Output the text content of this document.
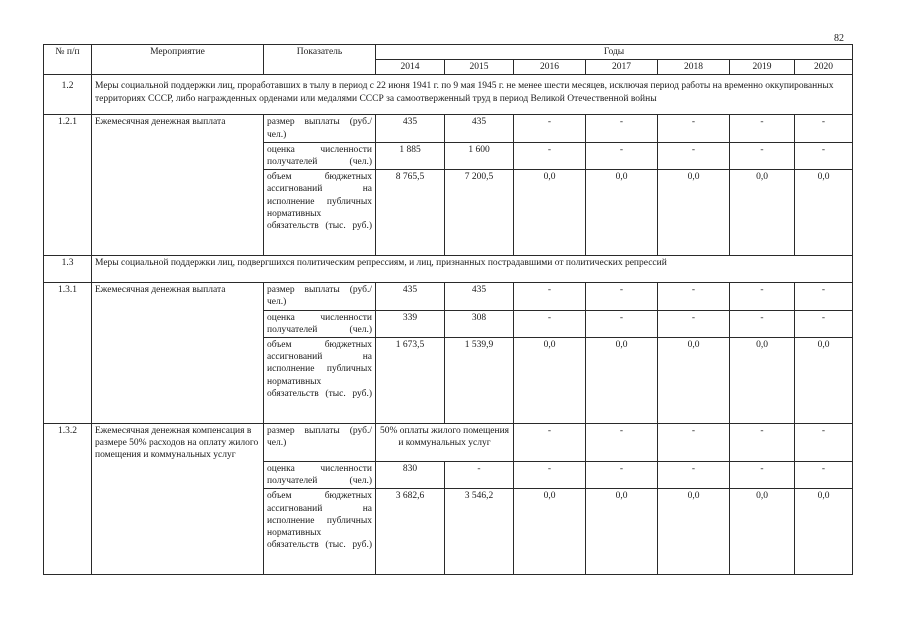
82
№ п/п	Мероприятие	Показатель	Годы						
			2014	2015	2016	2017	2018	2019	2020
1.2	Меры социальной поддержки лиц, проработавших в тылу в период с 22 июня 1941 г. по 9 мая 1945 г. не менее шести месяцев, исключая период работы на временно оккупированных территориях СССР, либо награжденных орденами или медалями СССР за самоотверженный труд в период Великой Отечественной войны								
1.2.1	Ежемесячная денежная выплата	размер выплаты (руб./ чел.)	435	435	-	-	-	-	-
		оценка численности получателей (чел.)	1 885	1 600	-	-	-	-	-
		объем бюджетных ассигнований на исполнение публичных нормативных обязательств (тыс. руб.)	8 765,5	7 200,5	0,0	0,0	0,0	0,0	0,0
1.3	Меры социальной поддержки лиц, подвергшихся политическим репрессиям, и лиц, признанных пострадавшими от политических репрессий								
1.3.1	Ежемесячная денежная выплата	размер выплаты (руб./ чел.)	435	435	-	-	-	-	-
		оценка численности получателей (чел.)	339	308	-	-	-	-	-
		объем бюджетных ассигнований на исполнение публичных нормативных обязательств (тыс. руб.)	1 673,5	1 539,9	0,0	0,0	0,0	0,0	0,0
1.3.2	Ежемесячная денежная компенсация в размере 50% расходов на оплату жилого помещения и коммунальных услуг	размер выплаты (руб./ чел.)	50% оплаты жилого помещения и коммунальных услуг		-	-	-	-	-
		оценка численности получателей (чел.)	830	-	-	-	-	-	-
		объем бюджетных ассигнований на исполнение публичных нормативных обязательств (тыс. руб.)	3 682,6	3 546,2	0,0	0,0	0,0	0,0	0,0
